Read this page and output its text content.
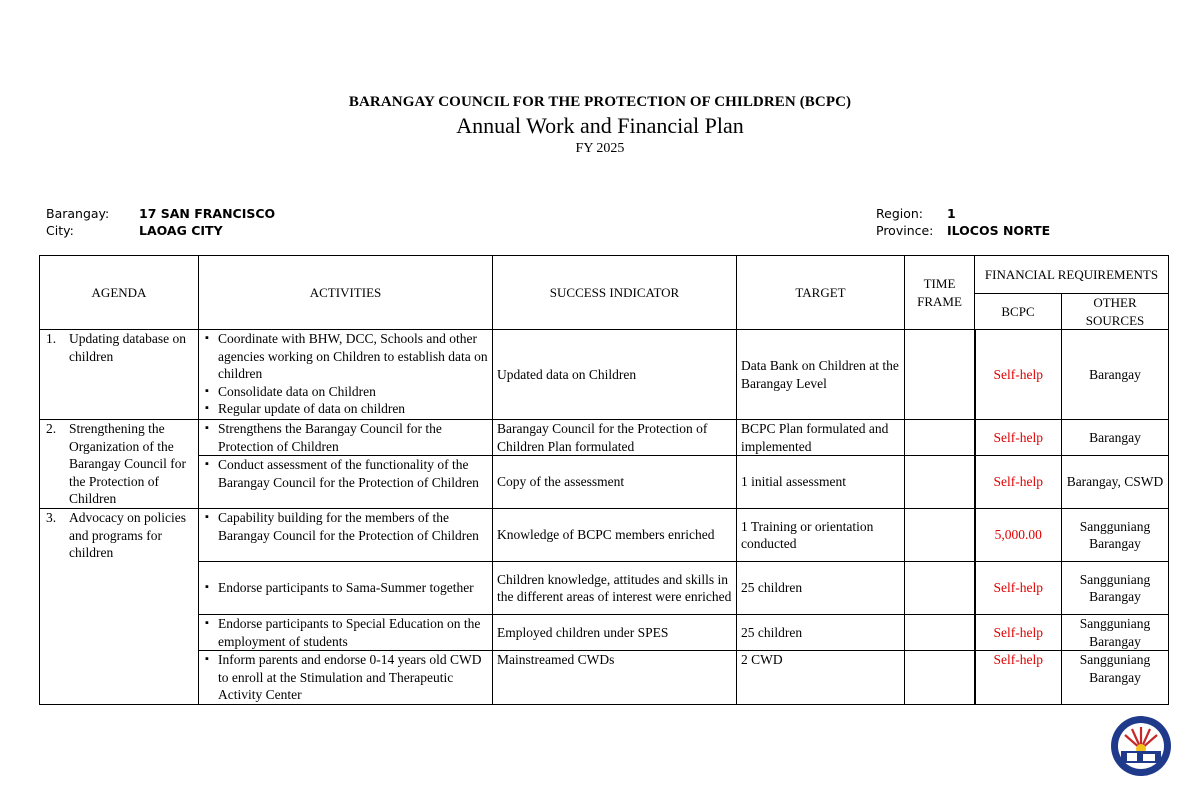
BARANGAY COUNCIL FOR THE PROTECTION OF CHILDREN (BCPC)
Annual Work and Financial Plan
FY 2025
Barangay: 17 SAN FRANCISCO
City:	LAOAG CITY
Region: 1
Province: ILOCOS NORTE
AGENDA	ACTIVITIES	SUCCESS INDICATOR	TARGET	TIME FRAME	FINANCIAL REQUIREMENTS	
					BCPC	OTHER SOURCES
1. Updating database on children	▪ Coordinate with BHW, DCC, Schools and other agencies working on Children to establish data on children
▪ Consolidate data on Children
▪ Regular update of data on children	Updated data on Children	Data Bank on Children at the Barangay Level		Self-help	Barangay
2. Strengthening the Organization of the Barangay Council for the Protection of Children	▪ Strengthens the Barangay Council for the Protection of Children	Barangay Council for the Protection of Children Plan formulated	BCPC Plan formulated and implemented		Self-help	Barangay

	▪ Conduct assessment of the functionality of the Barangay Council for the Protection of Children	Copy of the assessment	1 initial assessment		Self-help	Barangay, CSWD
3. Advocacy on policies and programs for children	▪ Capability building for the members of the Barangay Council for the Protection of Children	Knowledge of BCPC members enriched	1 Training or orientation conducted		5,000.00	Sangguniang Barangay

	▪ Endorse participants to Sama-Summer together	Children knowledge, attitudes and skills in the different areas of interest were enriched	25 children		Self-help	Sangguniang Barangay

	▪ Endorse participants to Special Education on the employment of students	Employed children under SPES	25 children		Self-help	Sangguniang Barangay

	▪ Inform parents and endorse 0-14 years old CWD to enroll at the Stimulation and Therapeutic Activity Center	Mainstreamed CWDs	2 CWD		Self-help	Sangguniang Barangay
